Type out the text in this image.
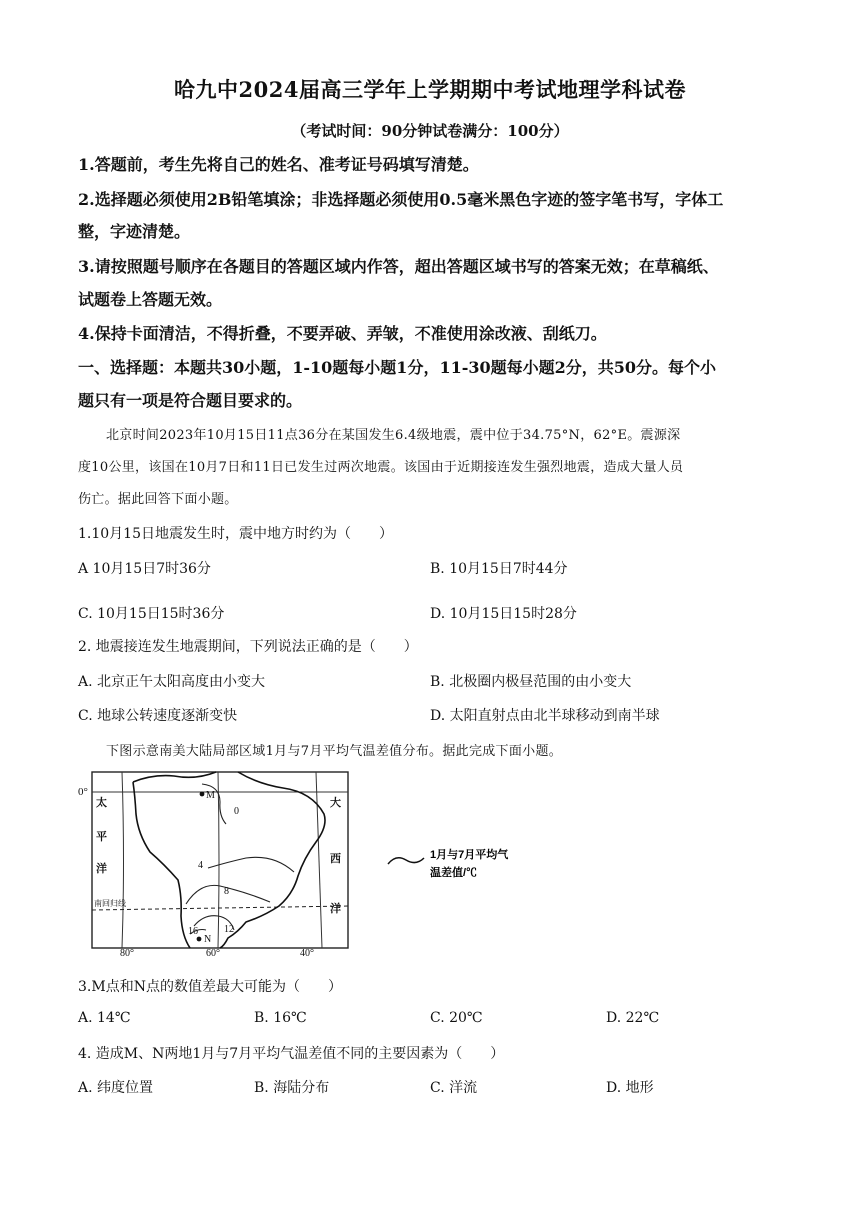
哈九中2024届高三学年上学期期中考试地理学科试卷
（考试时间：90分钟试卷满分：100分）
1.答题前，考生先将自己的姓名、准考证号码填写清楚。
2.选择题必须使用2B铅笔填涂；非选择题必须使用0.5毫米黑色字迹的签字笔书写，字体工
整，字迹清楚。
3.请按照题号顺序在各题目的答题区域内作答，超出答题区域书写的答案无效；在草稿纸、
试题卷上答题无效。
4.保持卡面清洁，不得折叠，不要弄破、弄皱，不准使用涂改液、刮纸刀。
一、选择题：本题共30小题，1-10题每小题1分，11-30题每小题2分，共50分。每个小
题只有一项是符合题目要求的。
北京时间2023年10月15日11点36分在某国发生6.4级地震，震中位于34.75°N，62°E。震源深
度10公里，该国在10月7日和11日已发生过两次地震。该国由于近期接连发生强烈地震，造成大量人员
伤亡。据此回答下面小题。
1.10月15日地震发生时，震中地方时约为（　　）
A 10月15日7时36分	B. 10月15日7时44分
C. 10月15日15时36分	D. 10月15日15时28分
2. 地震接连发生地震期间，下列说法正确的是（　　）
A. 北京正午太阳高度由小变大	B. 北极圈内极昼范围的由小变大
C. 地球公转速度逐渐变快	D. 太阳直射点由北半球移动到南半球
下图示意南美大陆局部区域1月与7月平均气温差值分布。据此完成下面小题。
0°
太
平
洋
大
西
洋
南回归线
M
N
0
4
8
12
16
80°	60°	40°
1月与7月平均气
温差值/℃
3.M点和N点的数值差最大可能为（　　）
A. 14℃	B. 16℃	C. 20℃	D. 22℃
4. 造成M、N两地1月与7月平均气温差值不同的主要因素为（　　）
A. 纬度位置	B. 海陆分布	C. 洋流	D. 地形
